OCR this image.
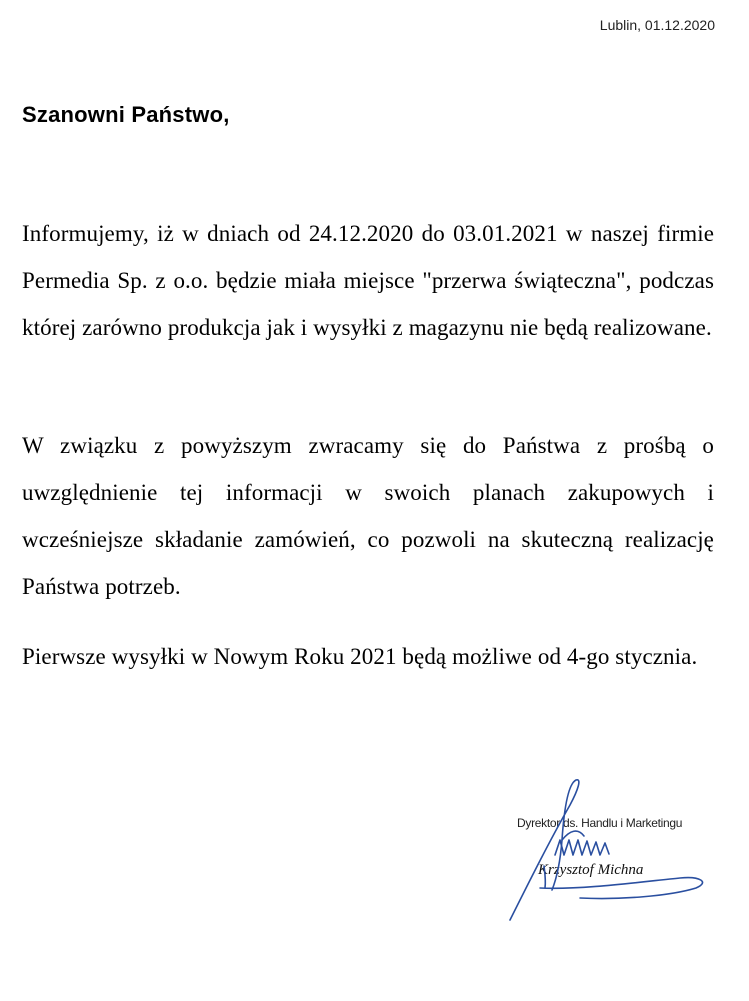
Lublin, 01.12.2020
Szanowni Państwo,

Informujemy, iż w dniach od 24.12.2020 do 03.01.2021 w naszej firmie Permedia Sp. z o.o. będzie miała miejsce "przerwa świąteczna", podczas której zarówno produkcja jak i wysyłki z magazynu nie będą realizowane.

W związku z powyższym zwracamy się do Państwa z prośbą o uwzględnienie tej informacji w swoich planach zakupowych i wcześniejsze składanie zamówień, co pozwoli na skuteczną realizację Państwa potrzeb.

Pierwsze wysyłki w Nowym Roku 2021 będą możliwe od 4-go stycznia.

Dyrektor ds. Handlu i Marketingu
Krzysztof Michna
